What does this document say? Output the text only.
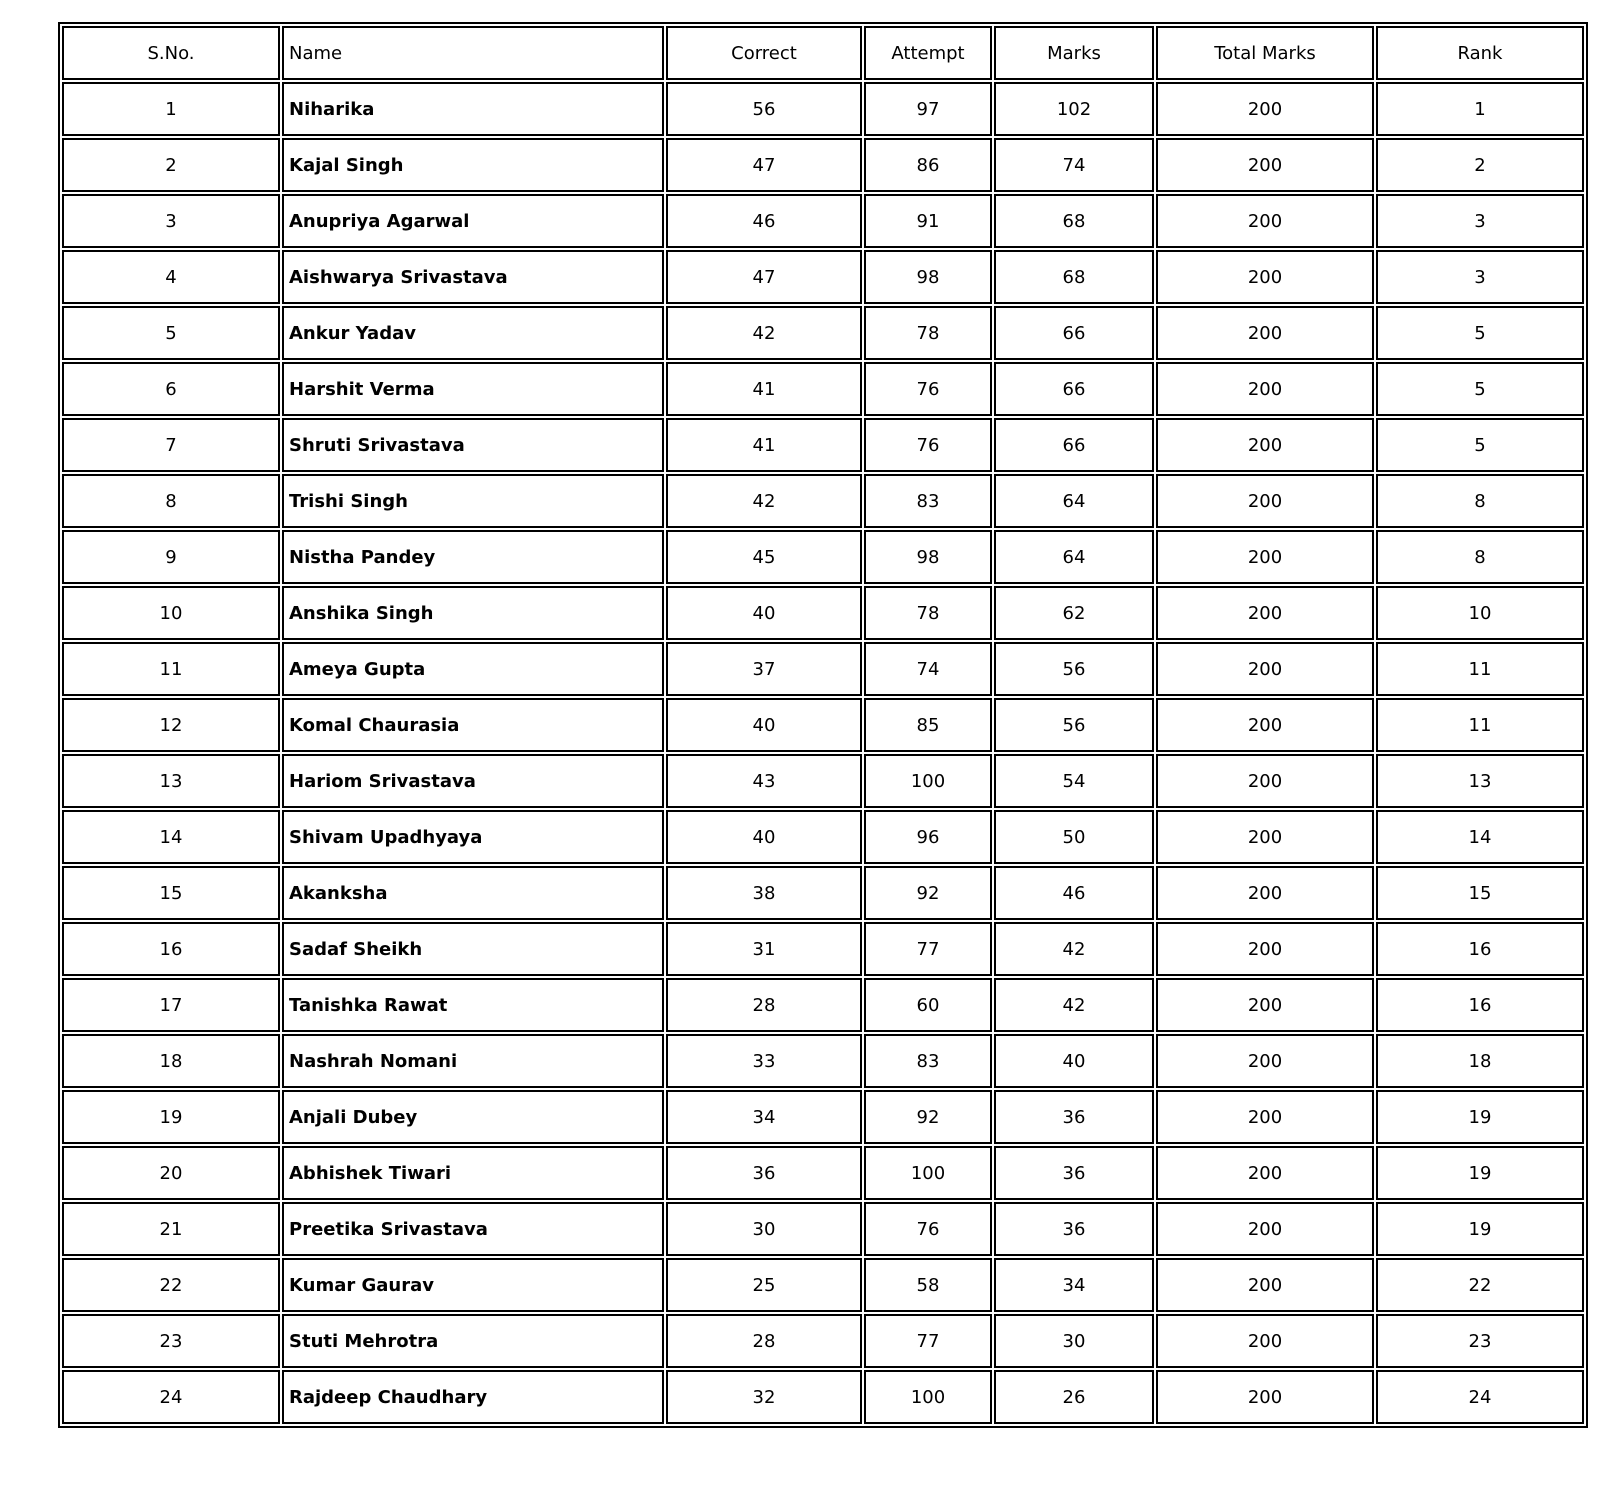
S.No.	Name	Correct	Attempt	Marks	Total Marks	Rank
1	Niharika	56	97	102	200	1
2	Kajal Singh	47	86	74	200	2
3	Anupriya Agarwal	46	91	68	200	3
4	Aishwarya Srivastava	47	98	68	200	3
5	Ankur Yadav	42	78	66	200	5
6	Harshit Verma	41	76	66	200	5
7	Shruti Srivastava	41	76	66	200	5
8	Trishi Singh	42	83	64	200	8
9	Nistha Pandey	45	98	64	200	8
10	Anshika Singh	40	78	62	200	10
11	Ameya Gupta	37	74	56	200	11
12	Komal Chaurasia	40	85	56	200	11
13	Hariom Srivastava	43	100	54	200	13
14	Shivam Upadhyaya	40	96	50	200	14
15	Akanksha	38	92	46	200	15
16	Sadaf Sheikh	31	77	42	200	16
17	Tanishka Rawat	28	60	42	200	16
18	Nashrah Nomani	33	83	40	200	18
19	Anjali Dubey	34	92	36	200	19
20	Abhishek Tiwari	36	100	36	200	19
21	Preetika Srivastava	30	76	36	200	19
22	Kumar Gaurav	25	58	34	200	22
23	Stuti Mehrotra	28	77	30	200	23
24	Rajdeep Chaudhary	32	100	26	200	24
